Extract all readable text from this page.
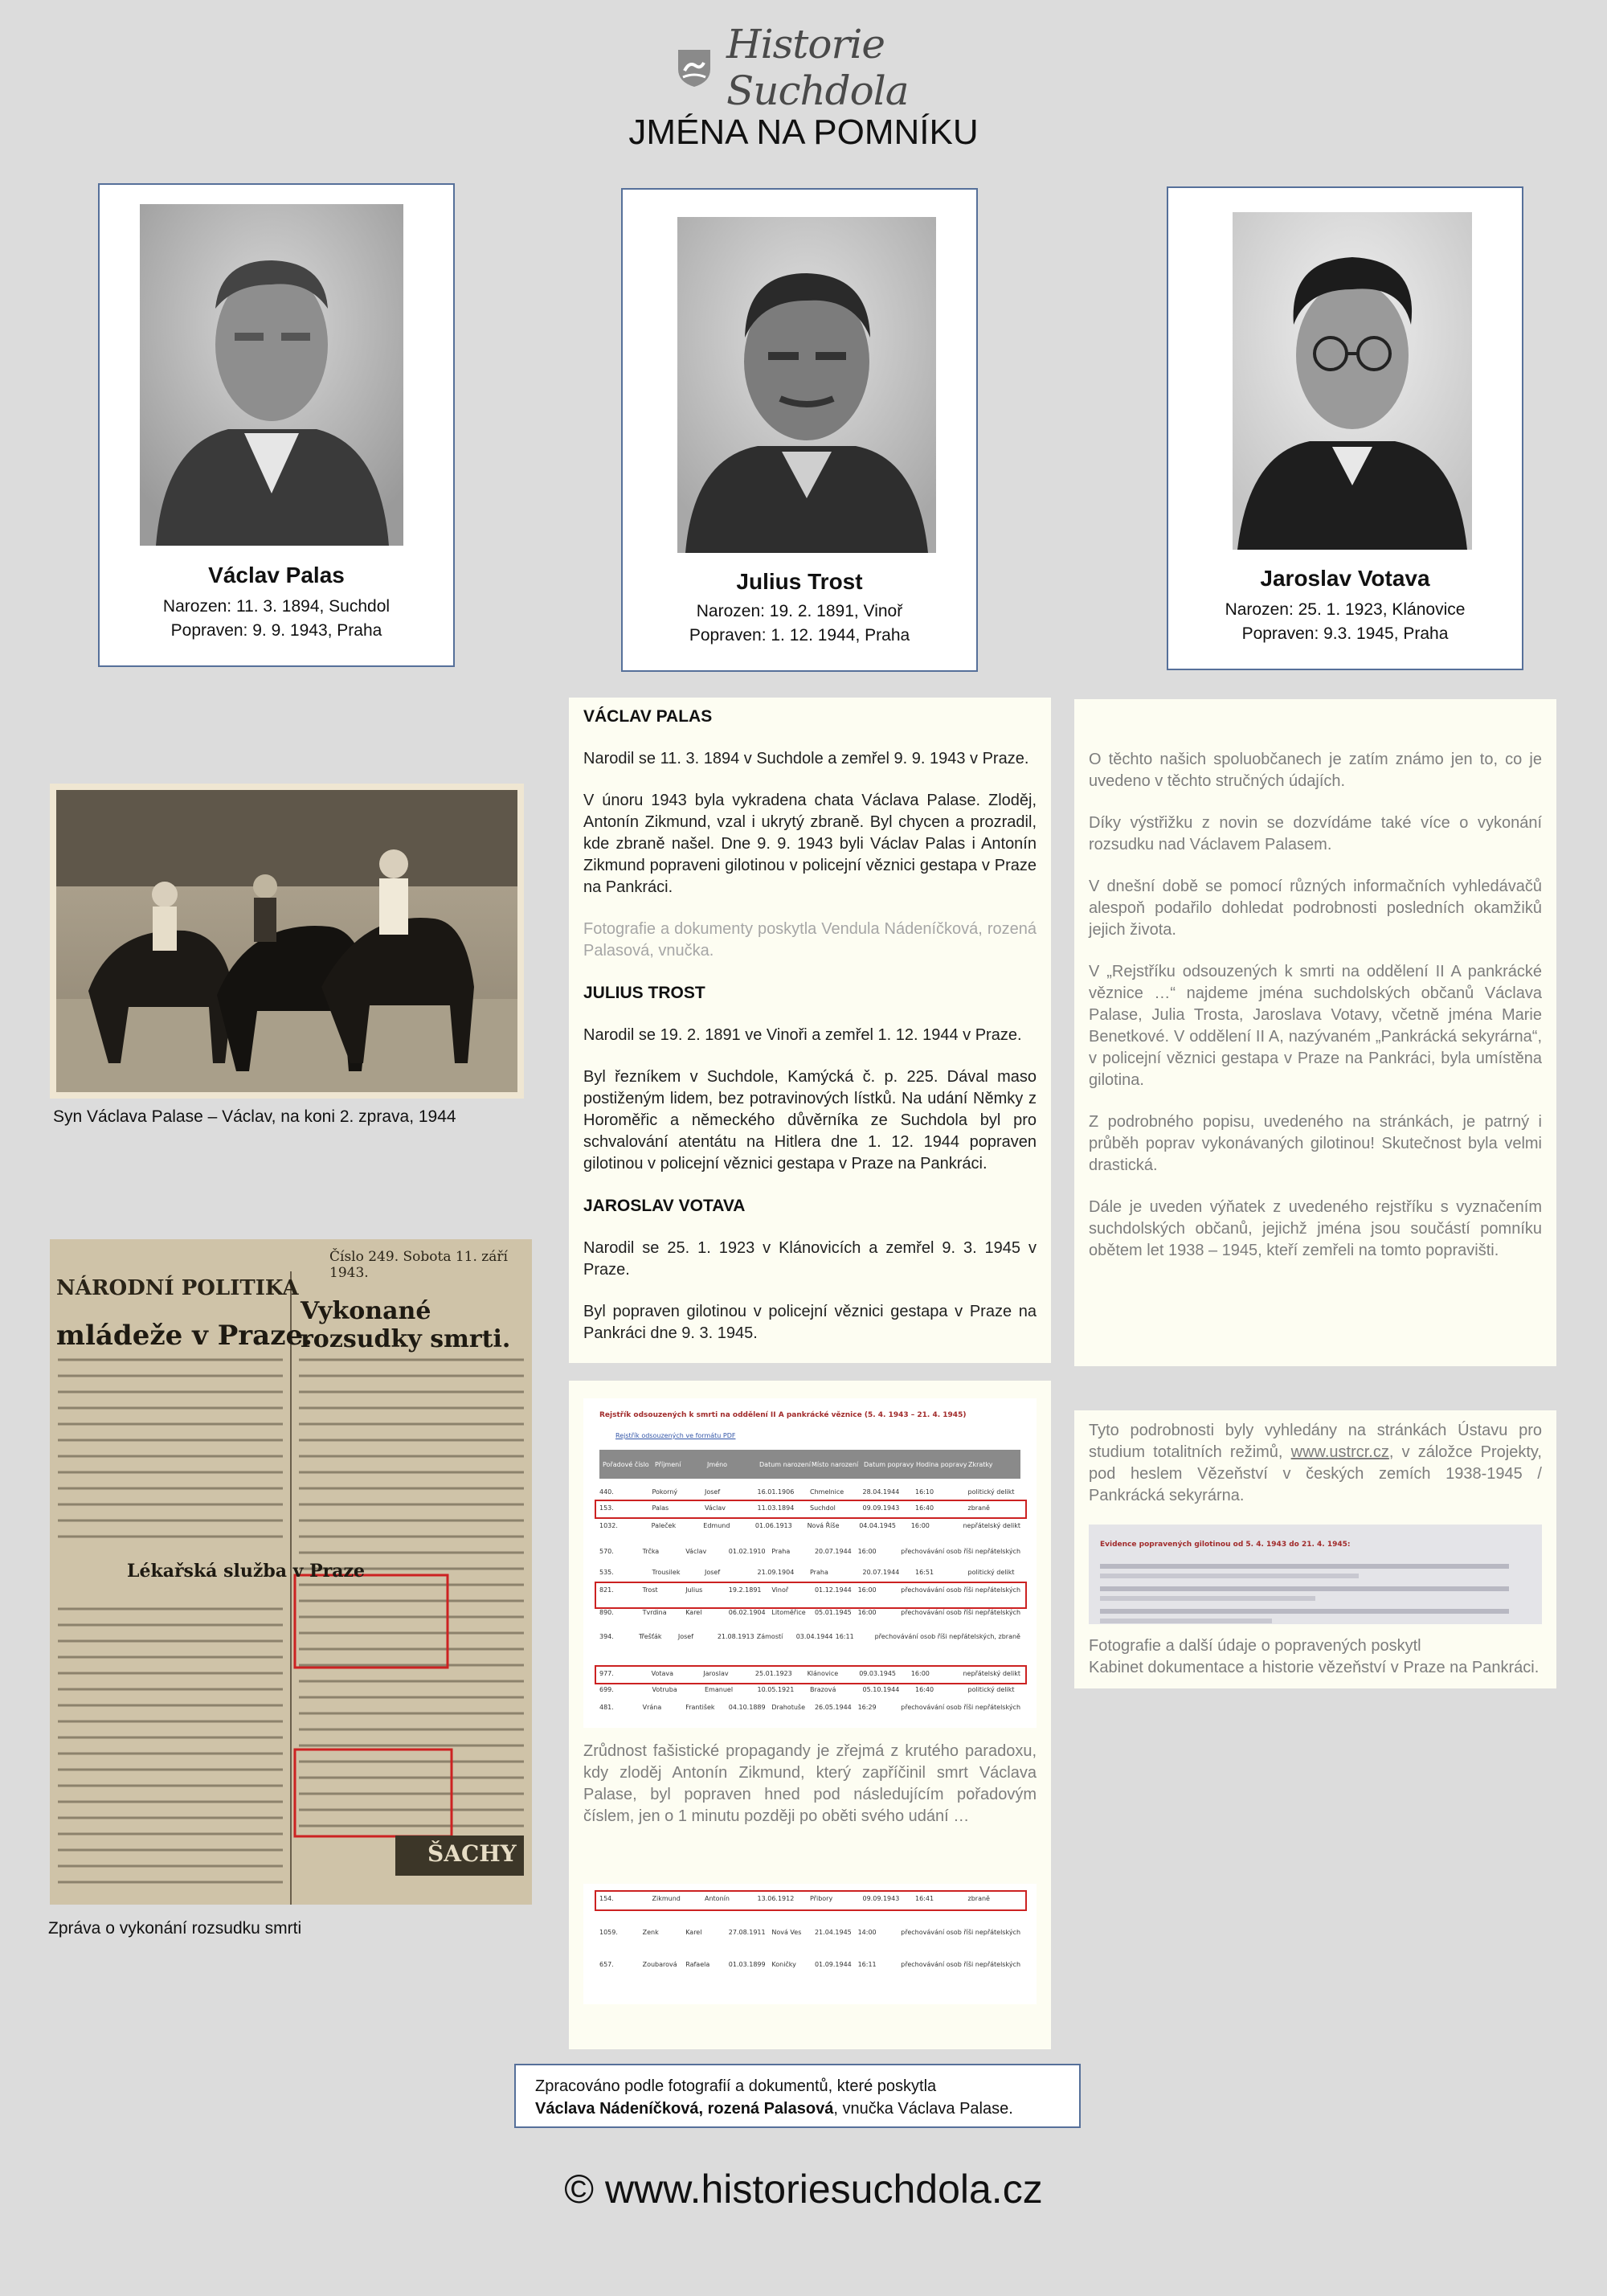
Historie Suchdola
JMÉNA NA POMNÍKU
Václav Palas
Narozen: 11. 3. 1894, Suchdol
Popraven: 9. 9. 1943, Praha
Julius Trost
Narozen: 19. 2. 1891, Vinoř
Popraven: 1. 12. 1944, Praha
Jaroslav Votava
Narozen: 25. 1. 1923, Klánovice
Popraven: 9.3. 1945, Praha
Syn Václava Palase – Václav, na koni 2. zprava, 1944
NÁRODNÍ POLITIKA
Číslo 249. Sobota 11. září 1943.
mládeže v Praze.
Vykonané rozsudky smrti.
Lékařská služba v Praze
ŠACHY
Zpráva o vykonání rozsudku smrti
VÁCLAV PALAS

Narodil se 11. 3. 1894 v Suchdole a zemřel 9. 9. 1943 v Praze.

V únoru 1943 byla vykradena chata Václava Palase. Zloděj, Antonín Zikmund, vzal i ukrytý zbraně. Byl chycen a prozradil, kde zbraně našel. Dne 9. 9. 1943 byli Václav Palas i Antonín Zikmund popraveni gilotinou v policejní věznici gestapa v Praze na Pankráci.

Fotografie a dokumenty poskytla Vendula Nádeníčková, rozená Palasová, vnučka.

JULIUS TROST

Narodil se 19. 2. 1891 ve Vinoři a zemřel 1. 12. 1944 v Praze.

Byl řezníkem v Suchdole, Kamýcká č. p. 225. Dával maso postiženým lidem, bez potravinových lístků. Na udání Němky z Horoměřic a německého důvěrníka ze Suchdola byl pro schvalování atentátu na Hitlera dne 1. 12. 1944 popraven gilotinou v policejní věznici gestapa v Praze na Pankráci.

JAROSLAV VOTAVA

Narodil se 25. 1. 1923 v Klánovicích a zemřel 9. 3. 1945 v Praze.

Byl popraven gilotinou v policejní věznici gestapa v Praze na Pankráci dne 9. 3. 1945.

O těchto našich spoluobčanech je zatím známo jen to, co je uvedeno v těchto stručných údajích.

Díky výstřižku z novin se dozvídáme také více o vykonání rozsudku nad Václavem Palasem.

V dnešní době se pomocí různých informačních vyhledávačů alespoň podařilo dohledat podrobnosti posledních okamžiků jejich života.

V „Rejstříku odsouzených k smrti na oddělení II A pankrácké věznice …“ najdeme jména suchdolských občanů Václava Palase, Julia Trosta, Jaroslava Votavy, včetně jména Marie Benetkové. V oddělení II A, nazývaném „Pankrácká sekyrárna“, v policejní věznici gestapa v Praze na Pankráci, byla umístěna gilotina.

Z podrobného popisu, uvedeného na stránkách, je patrný i průběh poprav vykonávaných gilotinou! Skutečnost byla velmi drastická.

Dále je uveden výňatek z uvedeného rejstříku s vyznačením suchdolských občanů, jejichž jména jsou součástí pomníku obětem let 1938 – 1945, kteří zemřeli na tomto popravišti.

Rejstřík odsouzených k smrti na oddělení II A pankrácké věznice (5. 4. 1943 – 21. 4. 1945)
Rejstřík odsouzených ve formátu PDF
Pořadové číslo Příjmení	Jméno	Datum narození Místo narození Datum popravy Hodina popravy Zkratky
440.	Pokorný	Josef	16.01.1906	Chmelnice	28.04.1944	16:10	politický delikt
153.	Palas	Václav	11.03.1894	Suchdol	09.09.1943	16:40	zbraně
1032.	Paleček	Edmund	01.06.1913	Nová Říše	04.04.1945	16:00	nepřátelský delikt
570.	Trčka	Václav	01.02.1910 Praha	20.07.1944 16:00	přechovávání osob říši nepřátelských
535.	Trousilek	Josef	21.09.1904	Praha	20.07.1944	16:51	politický delikt
821.	Trost	Julius	19.2.1891	Vinoř	01.12.1944 16:00	přechovávání osob říši nepřátelských
890.	Tvrdina	Karel	06.02.1904 Litoměřice	05.01.1945 16:00	přechovávání osob říši nepřátelských
394.	Třešťák	Josef	21.08.1913 Zámostí	03.04.1944 16:11	přechovávání osob říši nepřátelských, zbraně
977.	Votava	Jaroslav	25.01.1923	Klánovice	09.03.1945	16:00	nepřátelský delikt
699.	Votruba	Emanuel	10.05.1921	Brazová	05.10.1944	16:40	politický delikt
481.	Vrána	František	04.10.1889 Drahotuše	26.05.1944 16:29	přechovávání osob říši nepřátelských
Zrůdnost fašistické propagandy je zřejmá z krutého paradoxu, kdy zloděj Antonín Zikmund, který zapříčinil smrt Václava Palase, byl popraven hned pod následujícím pořadovým číslem, jen o 1 minutu později po oběti svého udání …
154.	Zikmund	Antonín	13.06.1912	Přibory	09.09.1943	16:41	zbraně
1059.	Zenk	Karel	27.08.1911 Nová Ves	21.04.1945 14:00	přechovávání osob říši nepřátelských
657.	Zoubarová	Rafaela	01.03.1899 Koničky	01.09.1944 16:11	přechovávání osob říši nepřátelských

Tyto podrobnosti byly vyhledány na stránkách Ústavu pro studium totalitních režimů, www.ustrcr.cz, v záložce Projekty, pod heslem Vězeňství v českých zemích 1938-1945 / Pankrácká sekyrárna.

Evidence popravených gilotinou od 5. 4. 1943 do 21. 4. 1945:
Fotografie a další údaje o popravených poskytl
Kabinet dokumentace a historie vězeňství v Praze na Pankráci.
Zpracováno podle fotografií a dokumentů, které poskytla
Václava Nádeníčková, rozená Palasová, vnučka Václava Palase.
© www.historiesuchdola.cz
